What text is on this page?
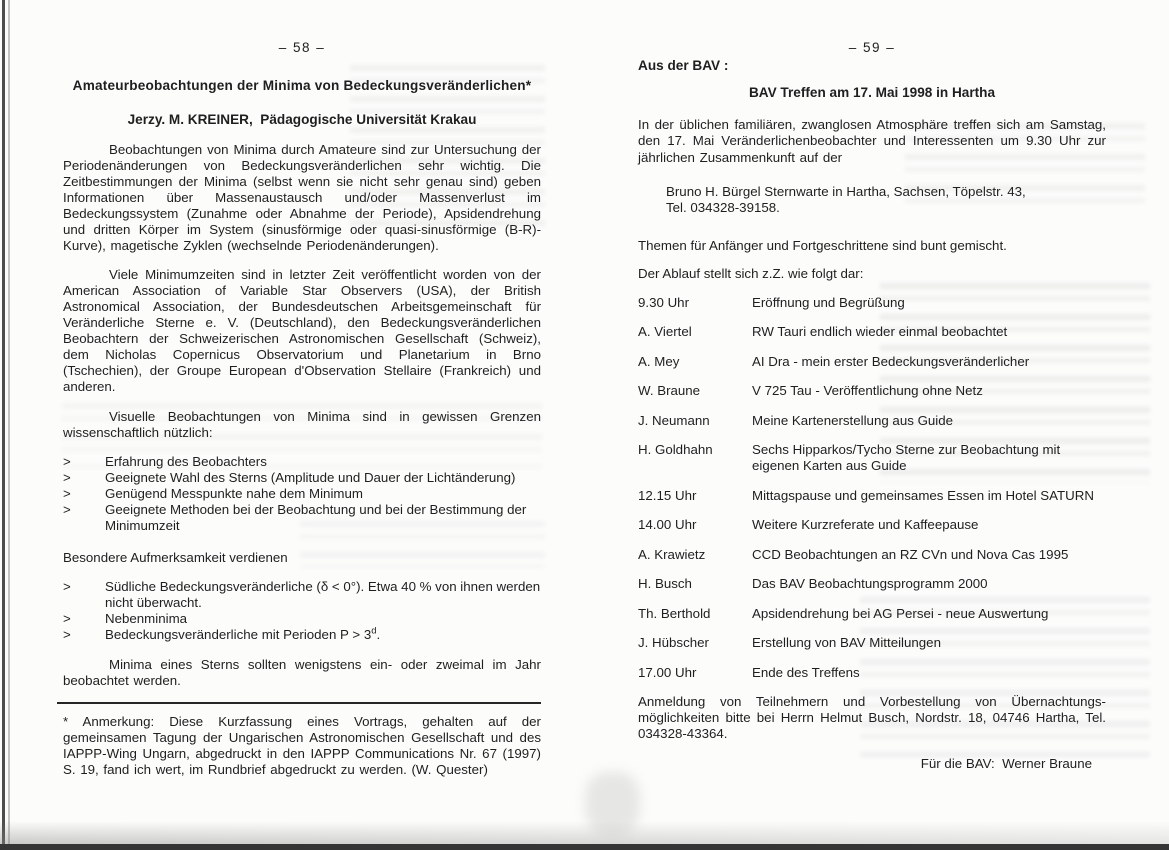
– 58 –
Amateurbeobachtungen der Minima von Bedeckungsveränderlichen*
Jerzy. M. KREINER,  Pädagogische Universität Krakau

Beobachtungen von Minima durch Amateure sind zur Untersuchung der Periodenänderungen von Bedeckungsveränderlichen sehr wichtig. Die Zeitbestimmungen der Minima (selbst wenn sie nicht sehr genau sind) geben Informationen über Massenaustausch und/oder Massenverlust im Bedeckungssystem (Zunahme oder Abnahme der Periode), Apsidendrehung und dritten Körper im System (sinusförmige oder quasi-sinusförmige (B-R)-Kurve), magetische Zyklen (wechselnde Periodenänderungen).

Viele Minimumzeiten sind in letzter Zeit veröffentlicht worden von der American Association of Variable Star Observers (USA), der British Astronomical Association, der Bundesdeutschen Arbeitsgemeinschaft für Veränderliche Sterne e. V. (Deutschland), den Bedeckungsveränderlichen Beobachtern der Schweizerischen Astronomischen Gesellschaft (Schweiz), dem Nicholas Copernicus Observatorium und Planetarium in Brno (Tschechien), der Groupe European d'Observation Stellaire (Frankreich) und anderen.

Visuelle Beobachtungen von Minima sind in gewissen Grenzen wissenschaftlich nützlich:

>	Erfahrung des Beobachters
>	Geeignete Wahl des Sterns (Amplitude und Dauer der Lichtänderung)
>	Genügend Messpunkte nahe dem Minimum
>	Geeignete Methoden bei der Beobachtung und bei der Bestimmung der Minimumzeit
Besondere Aufmerksamkeit verdienen
>	Südliche Bedeckungsveränderliche (δ < 0°). Etwa 40 % von ihnen werden nicht überwacht.
>	Nebenminima
>	Bedeckungsveränderliche mit Perioden $P > 3^d$.

Minima eines Sterns sollten wenigstens ein- oder zweimal im Jahr beobachtet werden.

* Anmerkung: Diese Kurzfassung eines Vortrags, gehalten auf der gemeinsamen Tagung der Ungarischen Astronomischen Gesellschaft und des IAPPP-Wing Ungarn, abgedruckt in den IAPPP Communications Nr. 67 (1997) S. 19, fand ich wert, im Rundbrief abgedruckt zu werden. (W. Quester)

– 59 –
Aus der BAV :
BAV Treffen am 17. Mai 1998 in Hartha

In der üblichen familiären, zwanglosen Atmosphäre treffen sich am Samstag, den 17. Mai Veränderlichenbeobachter und Interessenten um 9.30 Uhr zur jährlichen Zusammenkunft auf der

Bruno H. Bürgel Sternwarte in Hartha, Sachsen, Töpelstr. 43,
Tel. 034328-39158.
Themen für Anfänger und Fortgeschrittene sind bunt gemischt.
Der Ablauf stellt sich z.Z. wie folgt dar:
9.30 Uhr	Eröffnung und Begrüßung
A. Viertel	RW Tauri endlich wieder einmal beobachtet
A. Mey	AI Dra - mein erster Bedeckungsveränderlicher
W. Braune	V 725 Tau - Veröffentlichung ohne Netz
J. Neumann	Meine Kartenerstellung aus Guide
H. Goldhahn	Sechs Hipparkos/Tycho Sterne zur Beobachtung mit eigenen Karten aus Guide
12.15 Uhr	Mittagspause und gemeinsames Essen im Hotel SATURN
14.00 Uhr	Weitere Kurzreferate und Kaffeepause
A. Krawietz	CCD Beobachtungen an RZ CVn und Nova Cas 1995
H. Busch	Das BAV Beobachtungsprogramm 2000
Th. Berthold	Apsidendrehung bei AG Persei - neue Auswertung
J. Hübscher	Erstellung von BAV Mitteilungen
17.00 Uhr	Ende des Treffens

Anmeldung von Teilnehmern und Vorbestellung von Übernachtungs-möglichkeiten bitte bei Herrn Helmut Busch, Nordstr. 18, 04746 Hartha, Tel. 034328-43364.

Für die BAV:  Werner Braune
